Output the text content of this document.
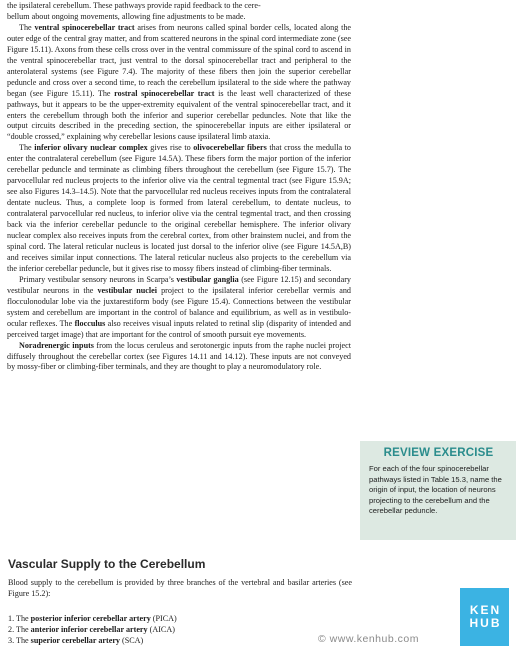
the ipsilateral cerebellum. These pathways provide rapid feedback to the cere-
bellum about ongoing movements, allowing fine adjustments to be made.

The ventral spinocerebellar tract arises from neurons called spinal border cells, located along the outer edge of the central gray matter, and from scattered neurons in the spinal cord intermediate zone (see Figure 15.11). Axons from these cells cross over in the ventral commissure of the spinal cord to ascend in the ventral spinocerebellar tract, just ventral to the dorsal spinocerebellar tract and peripheral to the anterolateral systems (see Figure 7.4). The majority of these fibers then join the superior cerebellar peduncle and cross over a second time, to reach the cerebellum ipsilateral to the side where the pathway began (see Figure 15.11). The rostral spinocerebellar tract is the least well characterized of these pathways, but it appears to be the upper-extremity equivalent of the ventral spinocerebellar tract, and it enters the cerebellum through both the inferior and superior cerebellar peduncles. Note that like the output circuits described in the preceding section, the spinocerebellar inputs are either ipsilateral or “double crossed,” explaining why cerebellar lesions cause ipsilateral limb ataxia.

The inferior olivary nuclear complex gives rise to olivocerebellar fibers that cross the medulla to enter the contralateral cerebellum (see Figure 14.5A). These fibers form the major portion of the inferior cerebellar peduncle and terminate as climbing fibers throughout the cerebellum (see Figure 15.7). The parvocellular red nucleus projects to the inferior olive via the central tegmental tract (see Figure 15.9A; see also Figures 14.3–14.5). Note that the parvocellular red nucleus receives inputs from the contralateral dentate nucleus. Thus, a complete loop is formed from lateral cerebellum, to dentate nucleus, to contralateral parvocellular red nucleus, to inferior olive via the central tegmental tract, and then crossing back via the inferior cerebellar peduncle to the original cerebellar hemisphere. The inferior olivary nuclear complex also receives inputs from the cerebral cortex, from other brainstem nuclei, and from the spinal cord. The lateral reticular nucleus is located just dorsal to the inferior olive (see Figure 14.5A,B) and receives similar input connections. The lateral reticular nucleus also projects to the cerebellum via the inferior cerebellar peduncle, but it gives rise to mossy fibers instead of climbing-fiber terminals.

Primary vestibular sensory neurons in Scarpa’s vestibular ganglia (see Figure 12.15) and secondary vestibular neurons in the vestibular nuclei project to the ipsilateral inferior cerebellar vermis and flocculonodular lobe via the juxtarestiform body (see Figure 15.4). Connections between the vestibular system and cerebellum are important in the control of balance and equilibrium, as well as in vestibulo-ocular reflexes. The flocculus also receives visual inputs related to retinal slip (disparity of intended and perceived target image) that are important for the control of smooth pursuit eye movements.

Noradrenergic inputs from the locus ceruleus and serotonergic inputs from the raphe nuclei project diffusely throughout the cerebellar cortex (see Figures 14.11 and 14.12). These inputs are not conveyed by mossy-fiber or climbing-fiber terminals, and they are thought to play a neuromodulatory role.

Vascular Supply to the Cerebellum

Blood supply to the cerebellum is provided by three branches of the vertebral and basilar arteries (see Figure 15.2):

1. The posterior inferior cerebellar artery (PICA)
2. The anterior inferior cerebellar artery (AICA)
3. The superior cerebellar artery (SCA)
REVIEW EXERCISE

For each of the four spinocerebellar pathways listed in Table 15.3, name the origin of input, the location of neurons projecting to the cerebellum and the cerebellar peduncle.

KEN
HUB
© www.kenhub.com
